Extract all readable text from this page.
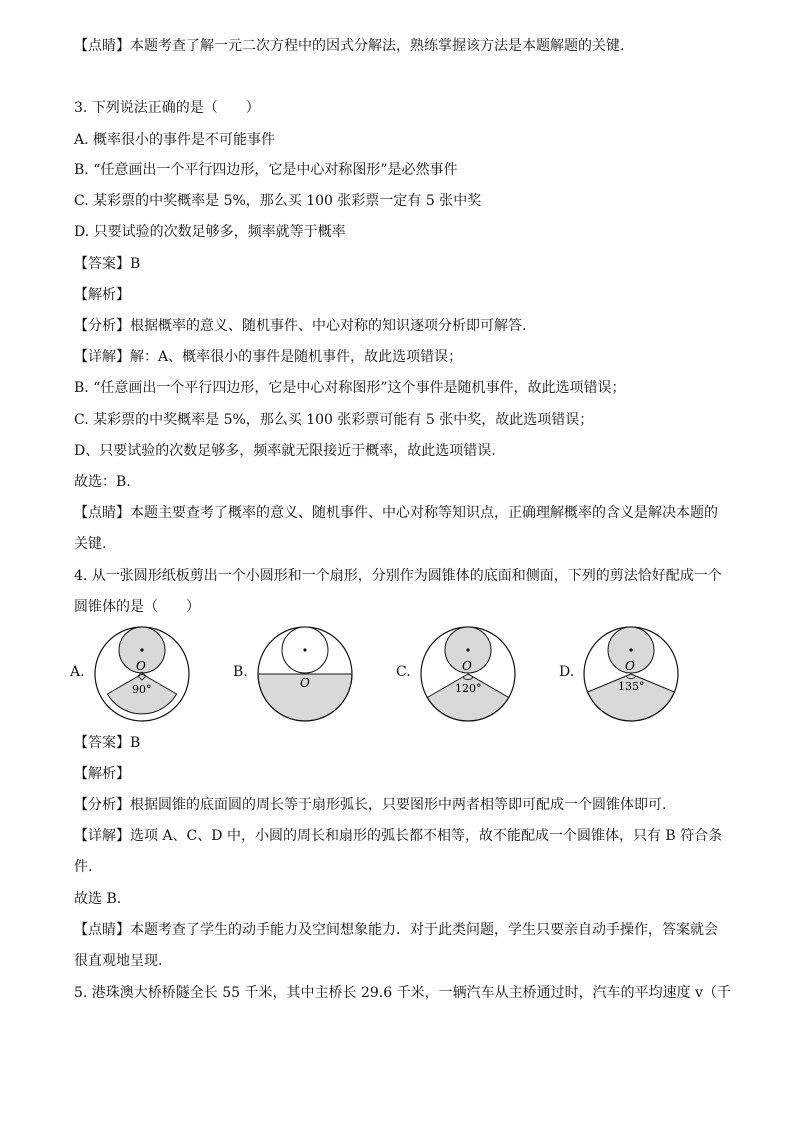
【点睛】本题考查了解一元二次方程中的因式分解法，熟练掌握该方法是本题解题的关键.
3. 下列说法正确的是（　　）
A. 概率很小的事件是不可能事件
B. “任意画出一个平行四边形，它是中心对称图形”是必然事件
C. 某彩票的中奖概率是 5%，那么买 100 张彩票一定有 5 张中奖
D. 只要试验的次数足够多，频率就等于概率
【答案】B
【解析】
【分析】根据概率的意义、随机事件、中心对称的知识逐项分析即可解答.
【详解】解：A、概率很小的事件是随机事件，故此选项错误；
B. “任意画出一个平行四边形，它是中心对称图形”这个事件是随机事件，故此选项错误；
C. 某彩票的中奖概率是 5%，那么买 100 张彩票可能有 5 张中奖，故此选项错误；
D、只要试验的次数足够多，频率就无限接近于概率，故此选项错误.
故选：B.
【点睛】本题主要查考了概率的意义、随机事件、中心对称等知识点，正确理解概率的含义是解决本题的
关键.
4. 从一张圆形纸板剪出一个小圆形和一个扇形，分别作为圆锥体的底面和侧面，下列的剪法恰好配成一个
圆锥体的是（　　）
A.	O
90°
B.
O
C.	O
120°
D.	O
135°
【答案】B
【解析】
【分析】根据圆锥的底面圆的周长等于扇形弧长，只要图形中两者相等即可配成一个圆锥体即可.
【详解】选项 A、C、D 中，小圆的周长和扇形的弧长都不相等，故不能配成一个圆锥体，只有 B 符合条
件.
故选 B.
【点睛】本题考查了学生的动手能力及空间想象能力．对于此类问题，学生只要亲自动手操作，答案就会
很直观地呈现.
5. 港珠澳大桥桥隧全长 55 千米，其中主桥长 29.6 千米，一辆汽车从主桥通过时，汽车的平均速度 v（千
